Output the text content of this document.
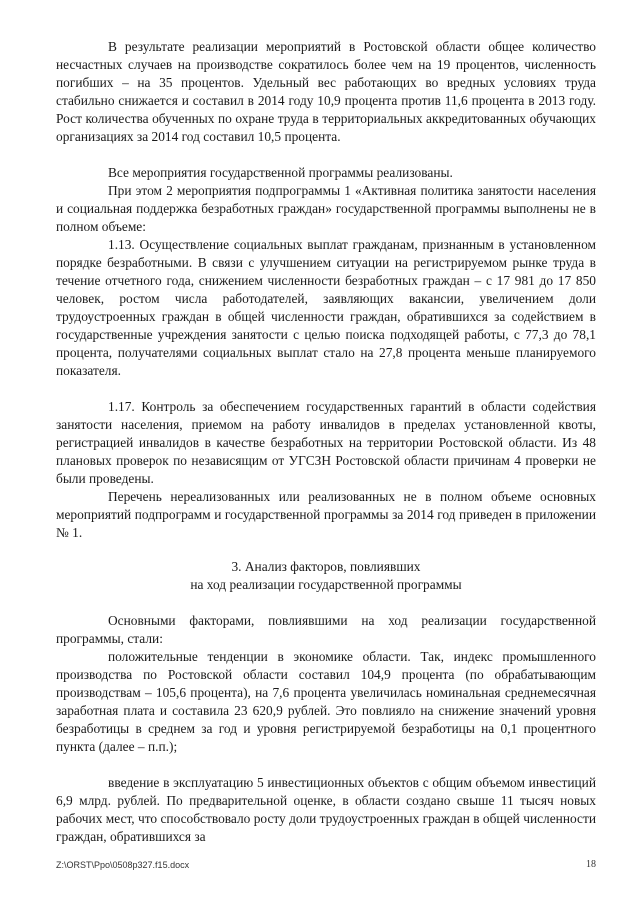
В результате реализации мероприятий в Ростовской области общее количество несчастных случаев на производстве сократилось более чем на 19 процентов, численность погибших – на 35 процентов. Удельный вес работающих во вредных условиях труда стабильно снижается и составил в 2014 году 10,9 процента против 11,6 процента в 2013 году. Рост количества обученных по охране труда в территориальных аккредитованных обучающих организациях за 2014 год составил 10,5 процента.

Все мероприятия государственной программы реализованы.

При этом 2 мероприятия подпрограммы 1 «Активная политика занятости населения и социальная поддержка безработных граждан» государственной программы выполнены не в полном объеме:

1.13. Осуществление социальных выплат гражданам, признанным в установленном порядке безработными. В связи с улучшением ситуации на регистрируемом рынке труда в течение отчетного года, снижением численности безработных граждан – с 17 981 до 17 850 человек, ростом числа работодателей, заявляющих вакансии, увеличением доли трудоустроенных граждан в общей численности граждан, обратившихся за содействием в государственные учреждения занятости с целью поиска подходящей работы, с 77,3 до 78,1 процента, получателями социальных выплат стало на 27,8 процента меньше планируемого показателя.

1.17. Контроль за обеспечением государственных гарантий в области содействия занятости населения, приемом на работу инвалидов в пределах установленной квоты, регистрацией инвалидов в качестве безработных на территории Ростовской области. Из 48 плановых проверок по независящим от УГСЗН Ростовской области причинам 4 проверки не были проведены.

Перечень нереализованных или реализованных не в полном объеме основных мероприятий подпрограмм и государственной программы за 2014 год приведен в приложении № 1.

3. Анализ факторов, повлиявших

на ход реализации государственной программы

Основными факторами, повлиявшими на ход реализации государственной программы, стали:

положительные тенденции в экономике области. Так, индекс промышленного производства по Ростовской области составил 104,9 процента (по обрабатывающим производствам – 105,6 процента), на 7,6 процента увеличилась номинальная среднемесячная заработная плата и составила 23 620,9 рублей. Это повлияло на снижение значений уровня безработицы в среднем за год и уровня регистрируемой безработицы на 0,1 процентного пункта (далее – п.п.);

введение в эксплуатацию 5 инвестиционных объектов с общим объемом инвестиций 6,9 млрд. рублей. По предварительной оценке, в области создано свыше 11 тысяч новых рабочих мест, что способствовало росту доли трудоустроенных граждан в общей численности граждан, обратившихся за

Z:\ORST\Ppo\0508p327.f15.docx	18
